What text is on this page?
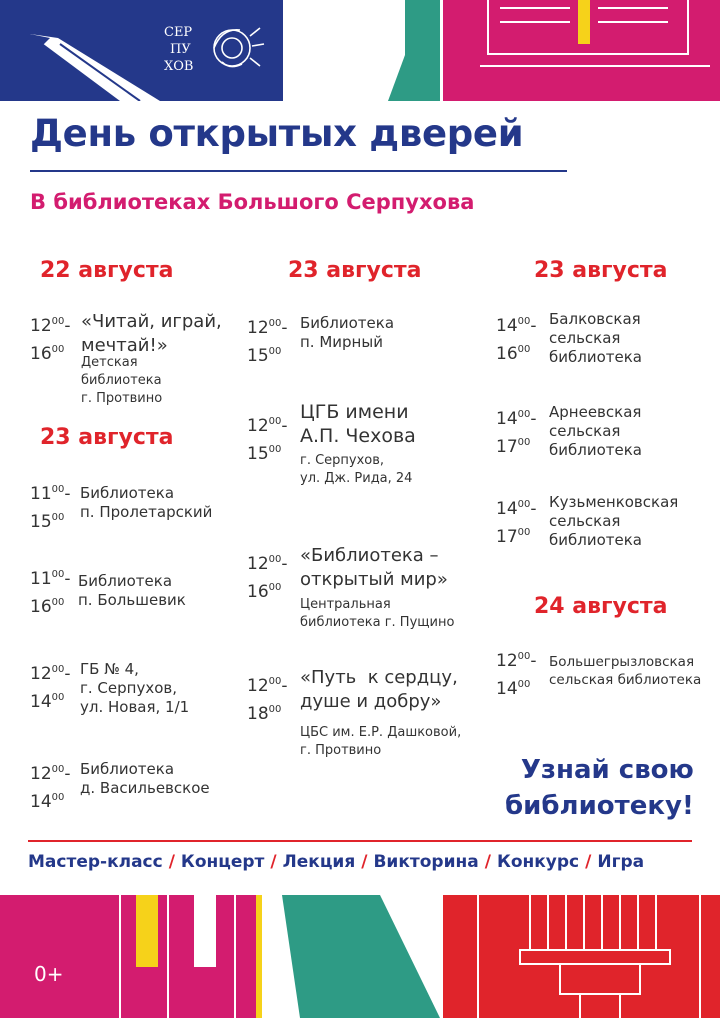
СЕР
ПУ
ХОВ
День открытых дверей
В библиотеках Большого Серпухова
22 августа
$12^{00}-$
$16^{00}$
«Читай, играй,
мечтай!»
Детская
библиотека
г. Протвино
23 августа
$11^{00}-$
$15^{00}$
Библиотека
п. Пролетарский
$11^{00}-$
$16^{00}$
Библиотека
п. Большевик
$12^{00}-$
$14^{00}$
ГБ № 4,
г. Серпухов,
ул. Новая, 1/1
$12^{00}-$
$14^{00}$
Библиотека
д. Васильевское
23 августа
$12^{00}-$
$15^{00}$
Библиотека
п. Мирный
$12^{00}-$
$15^{00}$
ЦГБ имени
А.П. Чехова
г. Серпухов,
ул. Дж. Рида, 24
$12^{00}-$
$16^{00}$
«Библиотека –
открытый мир»
Центральная
библиотека г. Пущино
$12^{00}-$
$18^{00}$
«Путь  к сердцу,
душе и добру»
ЦБС им. Е.Р. Дашковой,
г. Протвино
23 августа
$14^{00}-$
$16^{00}$
Балковская
сельская
библиотека
$14^{00}-$
$17^{00}$
Арнеевская
сельская
библиотека
$14^{00}-$
$17^{00}$
Кузьменковская
сельская
библиотека
24 августа
$12^{00}-$
$14^{00}$
Большегрызловская
сельская библиотека
Узнай свою
библиотеку!
Мастер-класс / Концерт / Лекция / Викторина / Конкурс / Игра
0+
